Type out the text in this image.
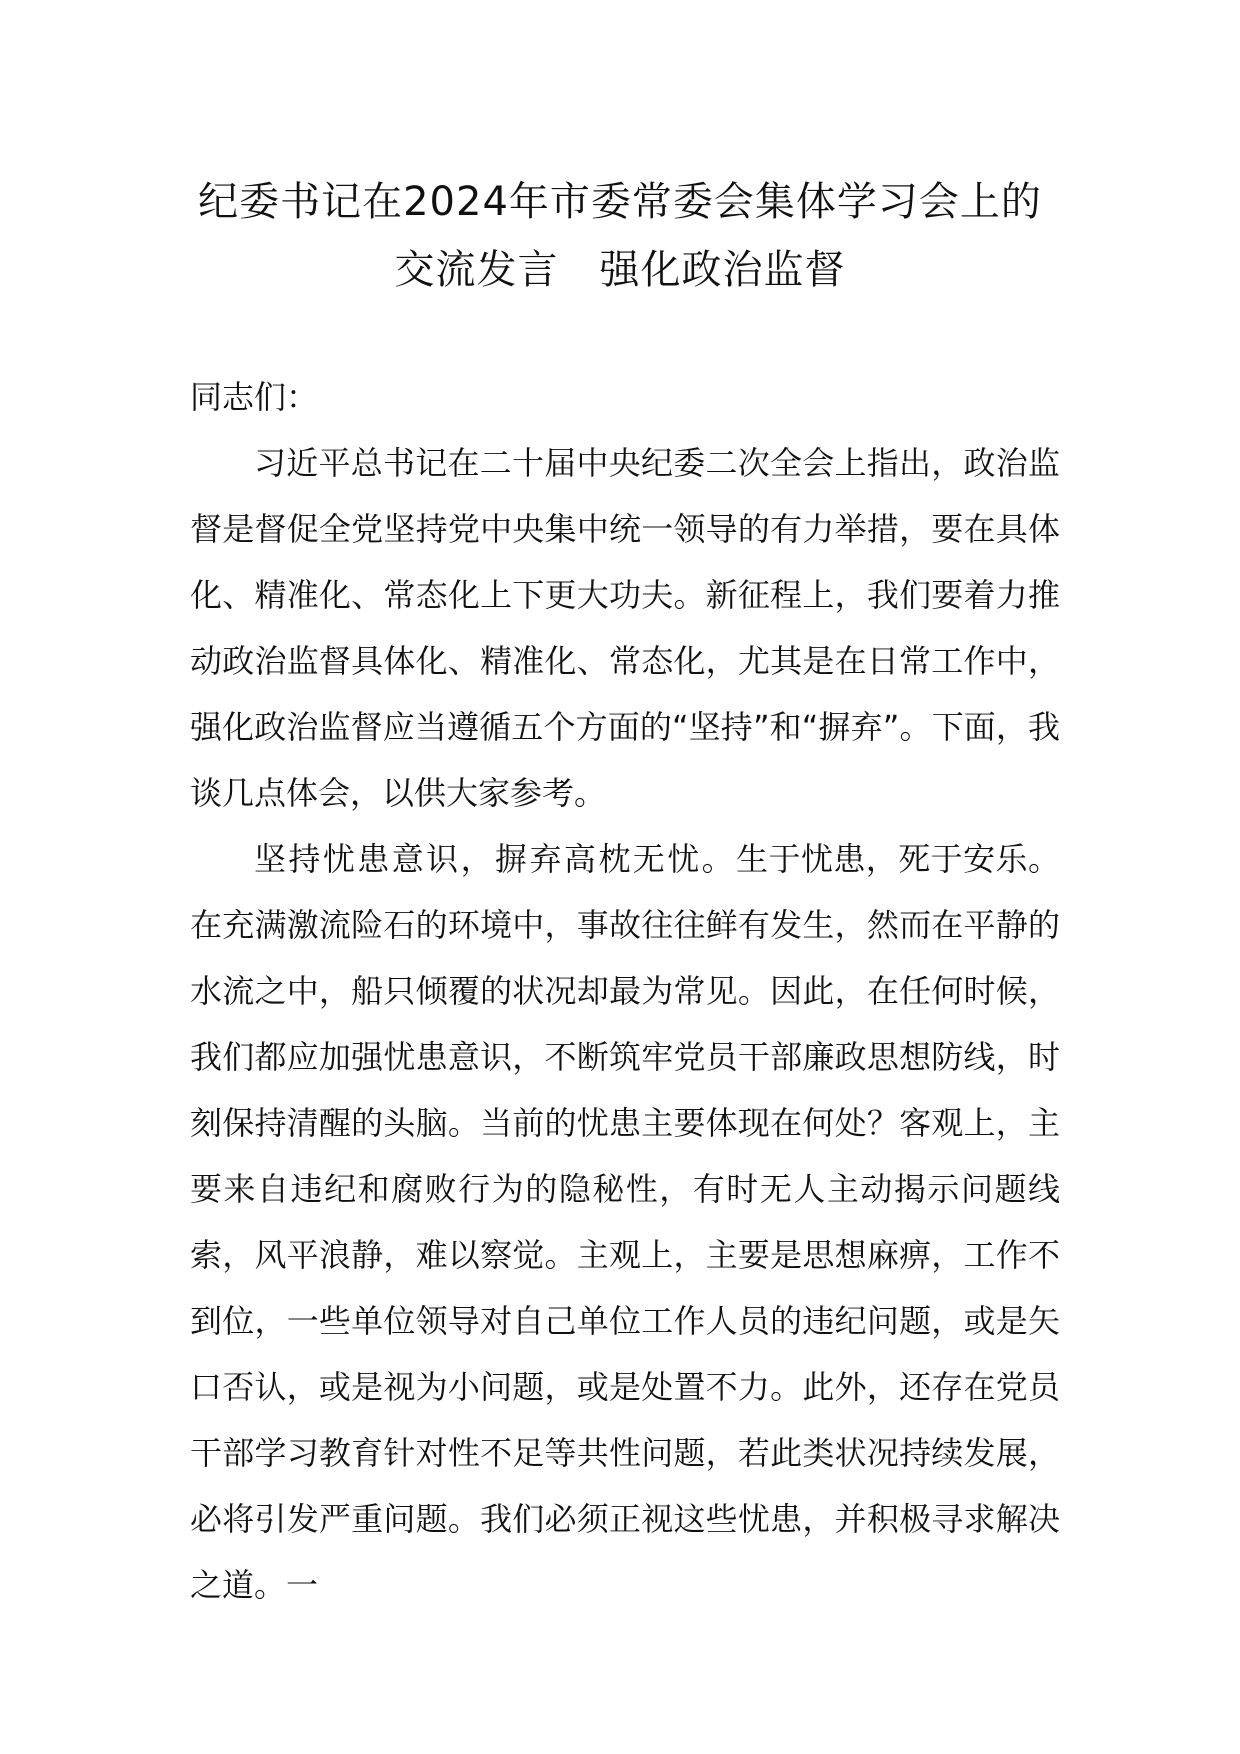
纪委书记在2024年市委常委会集体学习会上的
交流发言　强化政治监督

同志们：

习近平总书记在二十届中央纪委二次全会上指出，政治监督是督促全党坚持党中央集中统一领导的有力举措，要在具体化、精准化、常态化上下更大功夫。新征程上，我们要着力推动政治监督具体化、精准化、常态化，尤其是在日常工作中，强化政治监督应当遵循五个方面的“坚持”和“摒弃”。下面，我谈几点体会，以供大家参考。

坚持忧患意识，摒弃高枕无忧。生于忧患，死于安乐。在充满激流险石的环境中，事故往往鲜有发生，然而在平静的水流之中，船只倾覆的状况却最为常见。因此，在任何时候，我们都应加强忧患意识，不断筑牢党员干部廉政思想防线，时刻保持清醒的头脑。当前的忧患主要体现在何处？客观上，主要来自违纪和腐败行为的隐秘性，有时无人主动揭示问题线索，风平浪静，难以察觉。主观上，主要是思想麻痹，工作不到位，一些单位领导对自己单位工作人员的违纪问题，或是矢口否认，或是视为小问题，或是处置不力。此外，还存在党员干部学习教育针对性不足等共性问题，若此类状况持续发展，必将引发严重问题。我们必须正视这些忧患，并积极寻求解决之道。一
